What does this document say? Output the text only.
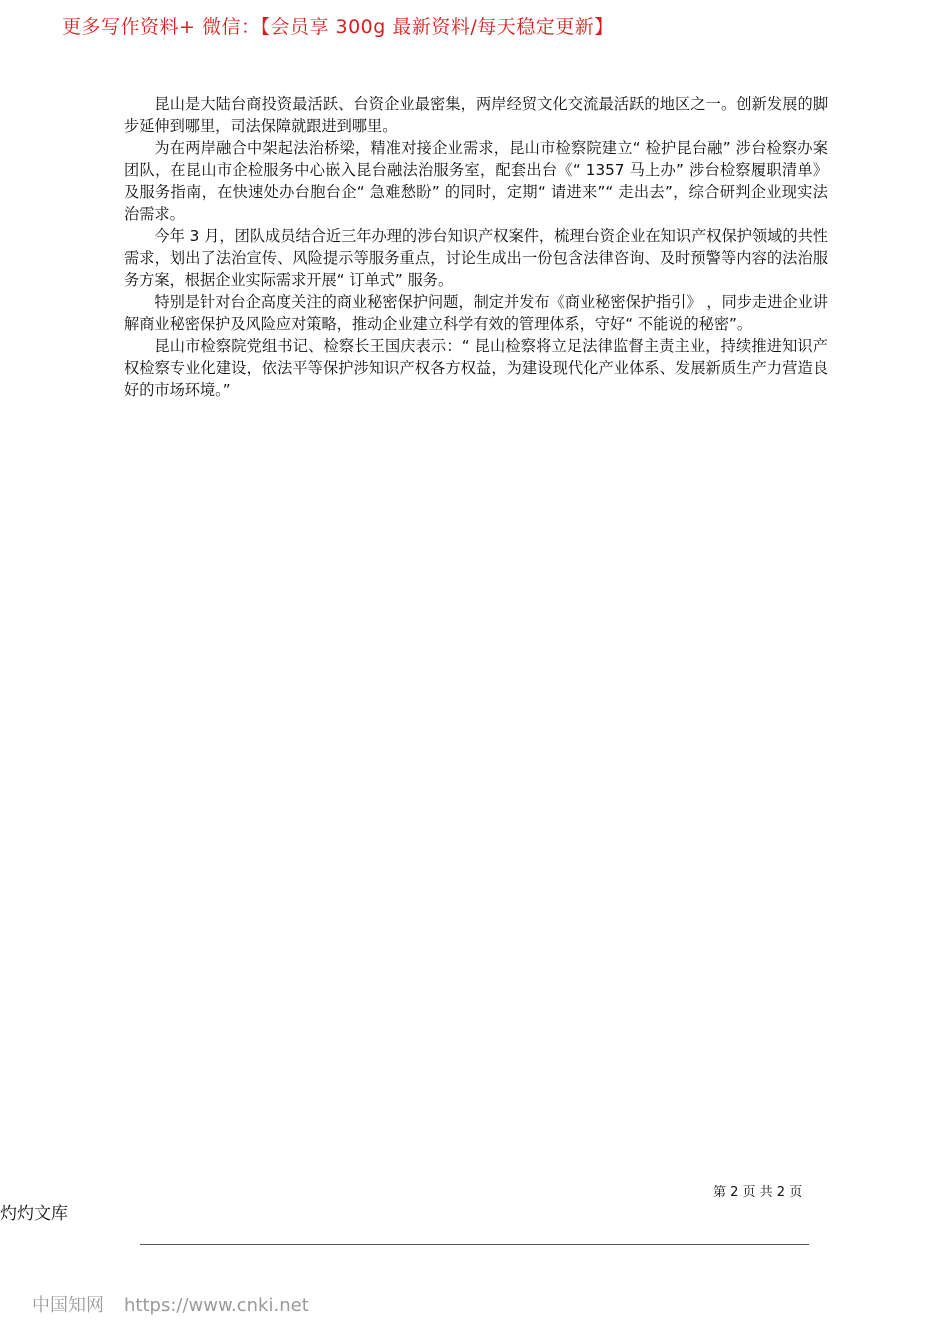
更多写作资料+ 微信：【会员享 300g 最新资料/每天稳定更新】

昆山是大陆台商投资最活跃、台资企业最密集，两岸经贸文化交流最活跃的地区之一。创新发展的脚步延伸到哪里，司法保障就跟进到哪里。

为在两岸融合中架起法治桥梁，精准对接企业需求，昆山市检察院建立“ 检护昆台融” 涉台检察办案团队，在昆山市企检服务中心嵌入昆台融法治服务室，配套出台《“ 1357 马上办” 涉台检察履职清单》及服务指南，在快速处办台胞台企“ 急难愁盼” 的同时，定期“ 请进来”“ 走出去”，综合研判企业现实法治需求。

今年 3 月，团队成员结合近三年办理的涉台知识产权案件，梳理台资企业在知识产权保护领域的共性需求，划出了法治宣传、风险提示等服务重点，讨论生成出一份包含法律咨询、及时预警等内容的法治服务方案，根据企业实际需求开展“ 订单式” 服务。

特别是针对台企高度关注的商业秘密保护问题，制定并发布《商业秘密保护指引》 ，同步走进企业讲解商业秘密保护及风险应对策略，推动企业建立科学有效的管理体系，守好“ 不能说的秘密”。

昆山市检察院党组书记、检察长王国庆表示：“ 昆山检察将立足法律监督主责主业，持续推进知识产权检察专业化建设，依法平等保护涉知识产权各方权益，为建设现代化产业体系、发展新质生产力营造良好的市场环境。”

第 2 页 共 2 页
灼灼文库
中国知网 https://www.cnki.net
